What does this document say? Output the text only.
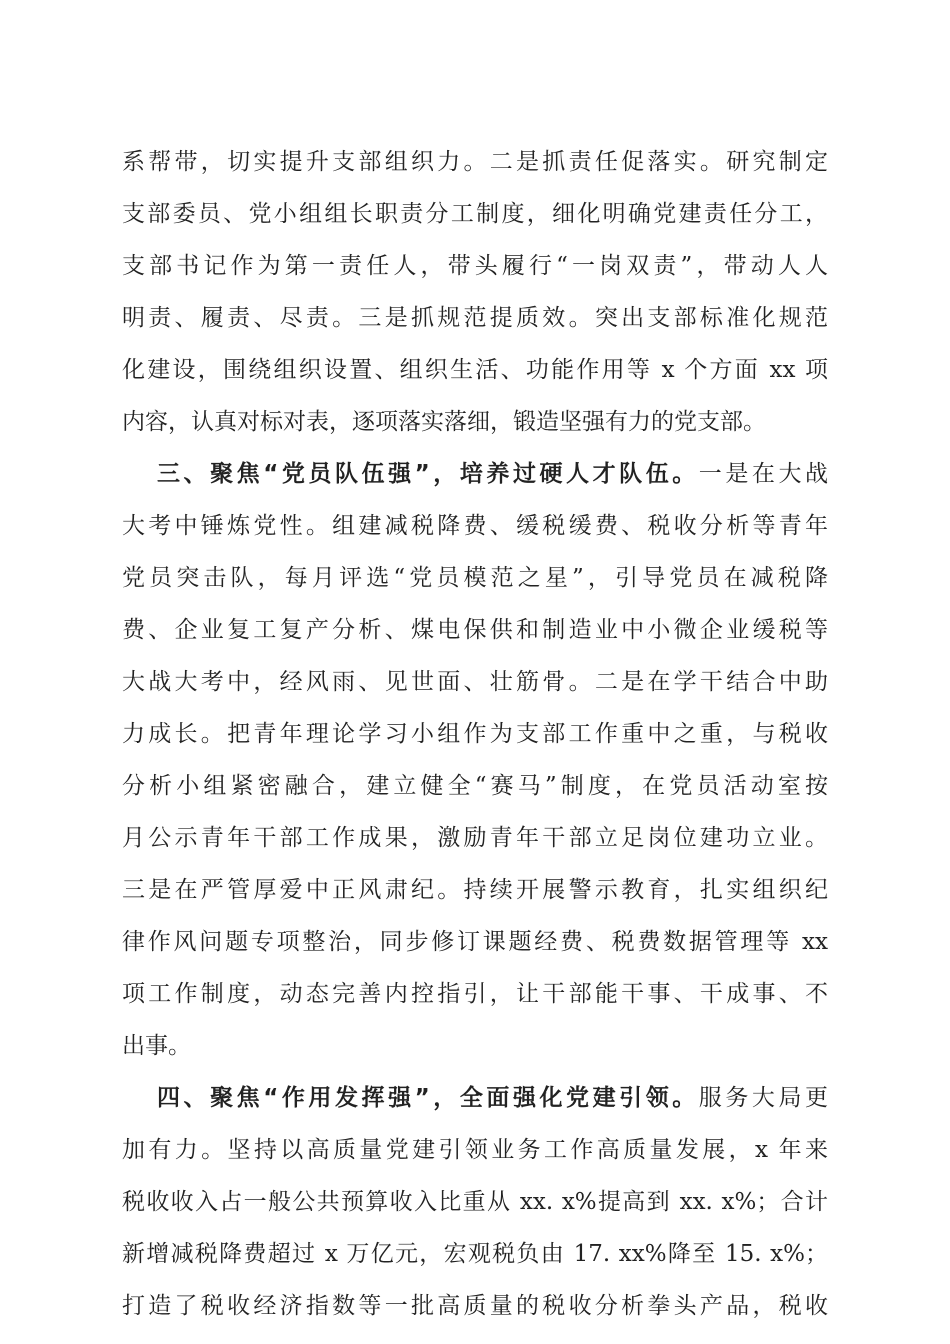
系帮带，切实提升支部组织力。二是抓责任促落实。研究制定
支部委员、党小组组长职责分工制度，细化明确党建责任分工，
支部书记作为第一责任人，带头履行“一岗双责”，带动人人
明责、履责、尽责。三是抓规范提质效。突出支部标准化规范
化建设，围绕组织设置、组织生活、功能作用等 x 个方面 xx 项
内容，认真对标对表，逐项落实落细，锻造坚强有力的党支部。
三、聚焦“党员队伍强”，培养过硬人才队伍。一是在大战
大考中锤炼党性。组建减税降费、缓税缓费、税收分析等青年
党员突击队，每月评选“党员模范之星”，引导党员在减税降
费、企业复工复产分析、煤电保供和制造业中小微企业缓税等
大战大考中，经风雨、见世面、壮筋骨。二是在学干结合中助
力成长。把青年理论学习小组作为支部工作重中之重，与税收
分析小组紧密融合，建立健全“赛马”制度，在党员活动室按
月公示青年干部工作成果，激励青年干部立足岗位建功立业。
三是在严管厚爱中正风肃纪。持续开展警示教育，扎实组织纪
律作风问题专项整治，同步修订课题经费、税费数据管理等 xx
项工作制度，动态完善内控指引，让干部能干事、干成事、不
出事。
四、聚焦“作用发挥强”，全面强化党建引领。服务大局更
加有力。坚持以高质量党建引领业务工作高质量发展，x 年来
税收收入占一般公共预算收入比重从 xx. x%提高到 xx. x%；合计
新增减税降费超过 x 万亿元，宏观税负由 17. xx%降至 15. x%；
打造了税收经济指数等一批高质量的税收分析拳头产品，税收
